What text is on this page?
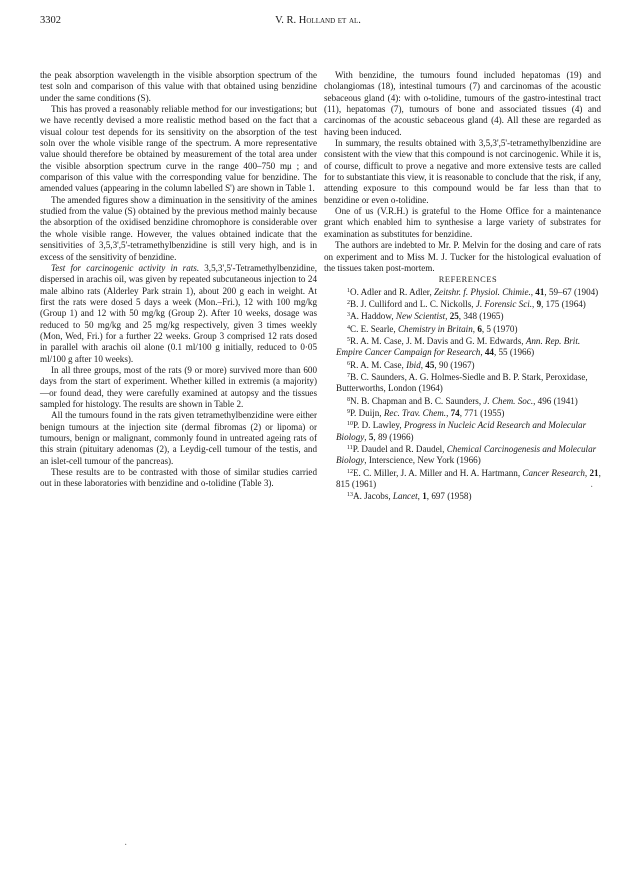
3302	V. R. Holland et al.

the peak absorption wavelength in the visible absorption spectrum of the test soln and comparison of this value with that obtained using benzidine under the same conditions (S).

This has proved a reasonably reliable method for our investigations; but we have recently devised a more realistic method based on the fact that a visual colour test depends for its sensitivity on the absorption of the test soln over the whole visible range of the spectrum. A more representative value should therefore be obtained by measurement of the total area under the visible absorption spectrum curve in the range 400–750 mμ ; and comparison of this value with the corresponding value for benzidine. The amended values (appearing in the column labelled S') are shown in Table 1.

The amended figures show a diminuation in the sensitivity of the amines studied from the value (S) obtained by the previous method mainly because the absorption of the oxidised benzidine chromophore is considerable over the whole visible range. However, the values obtained indicate that the sensitivities of 3,5,3',5'-tetramethylbenzidine is still very high, and is in excess of the sensitivity of benzidine.

Test for carcinogenic activity in rats. 3,5,3',5'-Tetramethylbenzidine, dispersed in arachis oil, was given by repeated subcutaneous injection to 24 male albino rats (Alderley Park strain 1), about 200 g each in weight. At first the rats were dosed 5 days a week (Mon.–Fri.), 12 with 100 mg/kg (Group 1) and 12 with 50 mg/kg (Group 2). After 10 weeks, dosage was reduced to 50 mg/kg and 25 mg/kg respectively, given 3 times weekly (Mon, Wed, Fri.) for a further 22 weeks. Group 3 comprised 12 rats dosed in parallel with arachis oil alone (0.1 ml/100 g initially, reduced to 0·05 ml/100 g after 10 weeks).

In all three groups, most of the rats (9 or more) survived more than 600 days from the start of experiment. Whether killed in extremis (a majority)—or found dead, they were carefully examined at autopsy and the tissues sampled for histology. The results are shown in Table 2.

All the tumours found in the rats given tetramethylbenzidine were either benign tumours at the injection site (dermal fibromas (2) or lipoma) or tumours, benign or malignant, commonly found in untreated ageing rats of this strain (pituitary adenomas (2), a Leydig-cell tumour of the testis, and an islet-cell tumour of the pancreas).

These results are to be contrasted with those of similar studies carried out in these laboratories with benzidine and o-tolidine (Table 3).

With benzidine, the tumours found included hepatomas (19) and cholangiomas (18), intestinal tumours (7) and carcinomas of the acoustic sebaceous gland (4): with o-tolidine, tumours of the gastro-intestinal tract (11), hepatomas (7), tumours of bone and associated tissues (4) and carcinomas of the acoustic sebaceous gland (4). All these are regarded as having been induced.

In summary, the results obtained with 3,5,3',5'-tetramethylbenzidine are consistent with the view that this compound is not carcinogenic. While it is, of course, difficult to prove a negative and more extensive tests are called for to substantiate this view, it is reasonable to conclude that the risk, if any, attending exposure to this compound would be far less than that to benzidine or even o-tolidine.

One of us (V.R.H.) is grateful to the Home Office for a maintenance grant which enabled him to synthesise a large variety of substrates for examination as substitutes for benzidine.

The authors are indebted to Mr. P. Melvin for the dosing and care of rats on experiment and to Miss M. J. Tucker for the histological evaluation of the tissues taken post-mortem.

REFERENCES

$^1$O. Adler and R. Adler, Zeitshr. f. Physiol. Chimie., 41, 59–67 (1904)

$^2$B. J. Culliford and L. C. Nickolls, J. Forensic Sci., 9, 175 (1964)

$^3$A. Haddow, New Scientist, 25, 348 (1965)

$^4$C. E. Searle, Chemistry in Britain, 6, 5 (1970)

$^5$R. A. M. Case, J. M. Davis and G. M. Edwards, Ann. Rep. Brit. Empire Cancer Campaign for Research, 44, 55 (1966)

$^6$R. A. M. Case, Ibid, 45, 90 (1967)

$^7$B. C. Saunders, A. G. Holmes-Siedle and B. P. Stark, Peroxidase, Butterworths, London (1964)

$^8$N. B. Chapman and B. C. Saunders, J. Chem. Soc., 496 (1941)

$^9$P. Duijn, Rec. Trav. Chem., 74, 771 (1955)

$^{10}$P. D. Lawley, Progress in Nucleic Acid Research and Molecular Biology, 5, 89 (1966)

$^{11}$P. Daudel and R. Daudel, Chemical Carcinogenesis and Molecular Biology, Interscience, New York (1966)

$^{12}$E. C. Miller, J. A. Miller and H. A. Hartmann, Cancer Research, 21, 815 (1961)

$^{13}$A. Jacobs, Lancet, 1, 697 (1958)

·
·
